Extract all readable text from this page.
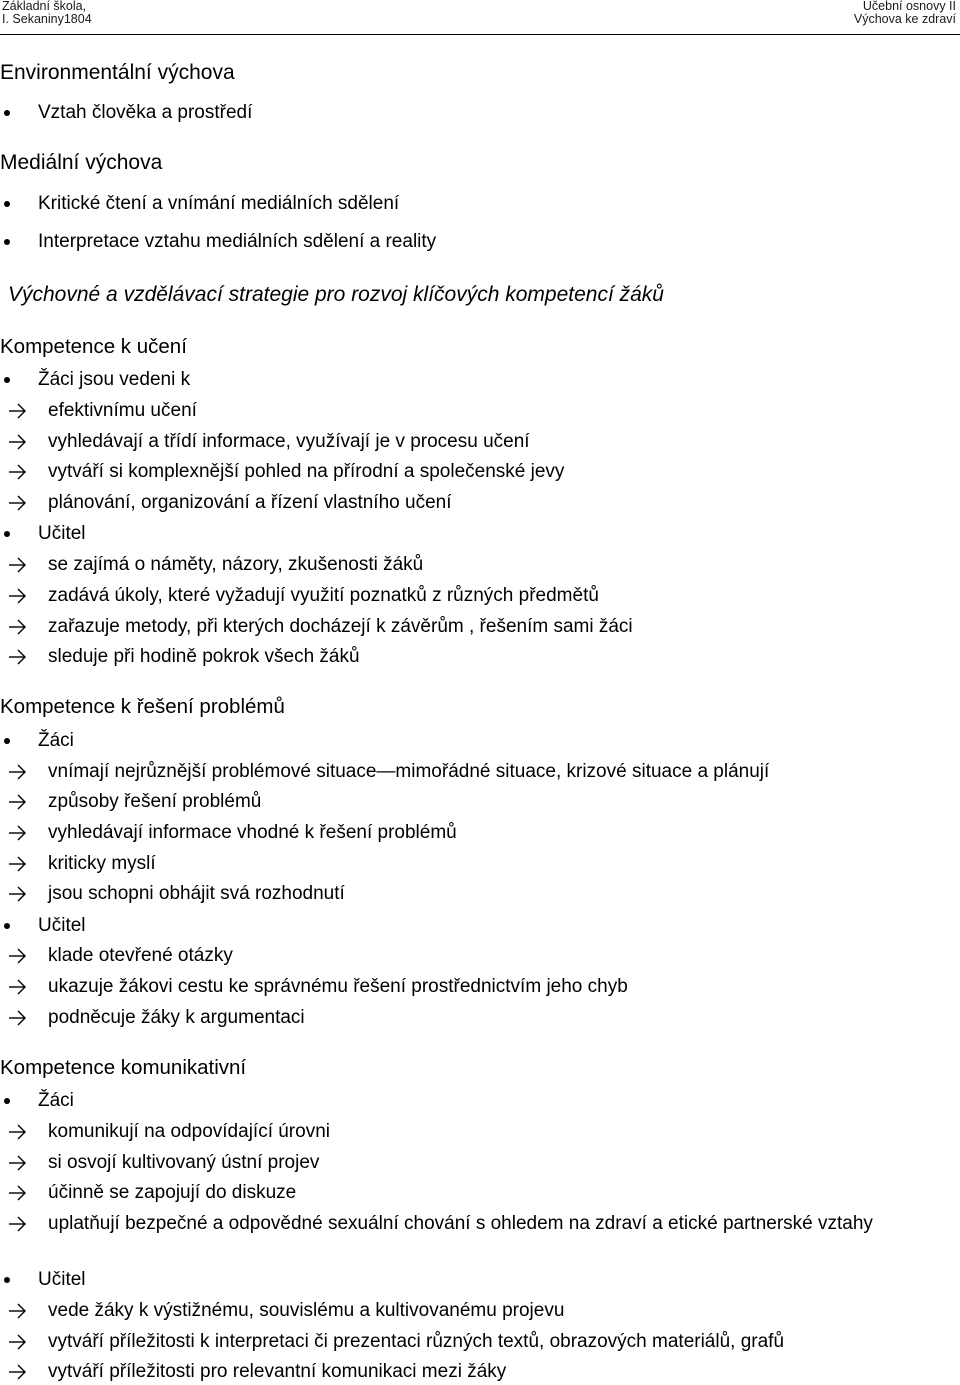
Základní škola,
I. Sekaniny1804
Učební osnovy II
Výchova ke zdraví
Environmentální výchova
Vztah člověka a prostředí
Mediální výchova
Kritické čtení a vnímání mediálních sdělení
Interpretace vztahu mediálních sdělení a reality
Výchovné a vzdělávací strategie pro rozvoj klíčových kompetencí žáků
Kompetence k učení
Žáci jsou vedeni k
efektivnímu učení
vyhledávají a třídí informace, využívají je v procesu učení
vytváří si komplexnější pohled na přírodní a společenské jevy
plánování, organizování a řízení vlastního učení
Učitel
se zajímá o náměty, názory, zkušenosti žáků
zadává úkoly, které vyžadují využití poznatků z různých předmětů
zařazuje metody, při kterých docházejí k závěrům , řešením sami žáci
sleduje při hodině pokrok všech žáků
Kompetence k řešení problémů
Žáci
vnímají nejrůznější problémové situace—mimořádné situace, krizové situace a plánují
způsoby řešení problémů
vyhledávají informace vhodné k řešení problémů
kriticky myslí
jsou schopni obhájit svá rozhodnutí
Učitel
klade otevřené otázky
ukazuje žákovi cestu ke správnému řešení prostřednictvím jeho chyb
podněcuje žáky k argumentaci
Kompetence komunikativní
Žáci
komunikují na odpovídající úrovni
si osvojí kultivovaný ústní projev
účinně se zapojují do diskuze
uplatňují bezpečné a odpovědné sexuální chování s ohledem na zdraví a etické partnerské vztahy
Učitel
vede žáky k výstižnému, souvislému a kultivovanému projevu
vytváří příležitosti k interpretaci či prezentaci různých textů, obrazových materiálů, grafů
vytváří příležitosti pro relevantní komunikaci mezi žáky
